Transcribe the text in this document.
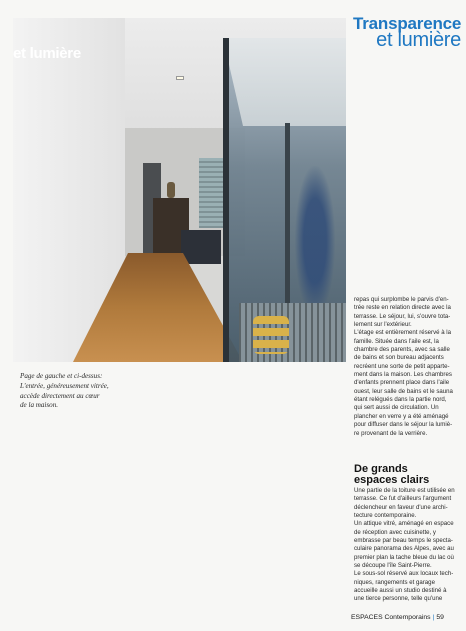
et lumière
Transparence
et lumière
Page de gauche et ci-dessus:
L'entrée, généreusement vitrée,
accède directement au cœur
de la maison.
repas qui surplombe le parvis d'en-
trée reste en relation directe avec la
terrasse. Le séjour, lui, s'ouvre tota-
lement sur l'extérieur.
L'étage est entièrement réservé à la
famille. Située dans l'aile est, la
chambre des parents, avec sa salle
de bains et son bureau adjacents
recréent une sorte de petit apparte-
ment dans la maison. Les chambres
d'enfants prennent place dans l'aile
ouest, leur salle de bains et le sauna
étant relégués dans la partie nord,
qui sert aussi de circulation. Un
plancher en verre y a été aménagé
pour diffuser dans le séjour la lumiè-
re provenant de la verrière.
De grands
espaces clairs
Une partie de la toiture est utilisée en
terrasse. Ce fut d'ailleurs l'argument
déclencheur en faveur d'une archi-
tecture contemporaine.
Un attique vitré, aménagé en espace
de réception avec cuisinette, y
embrasse par beau temps le specta-
culaire panorama des Alpes, avec au
premier plan la tache bleue du lac où
se découpe l'île Saint-Pierre.
Le sous-sol réservé aux locaux tech-
niques, rangements et garage
accueille aussi un studio destiné à
une tierce personne, telle qu'une
ESPACES Contemporains | 59
